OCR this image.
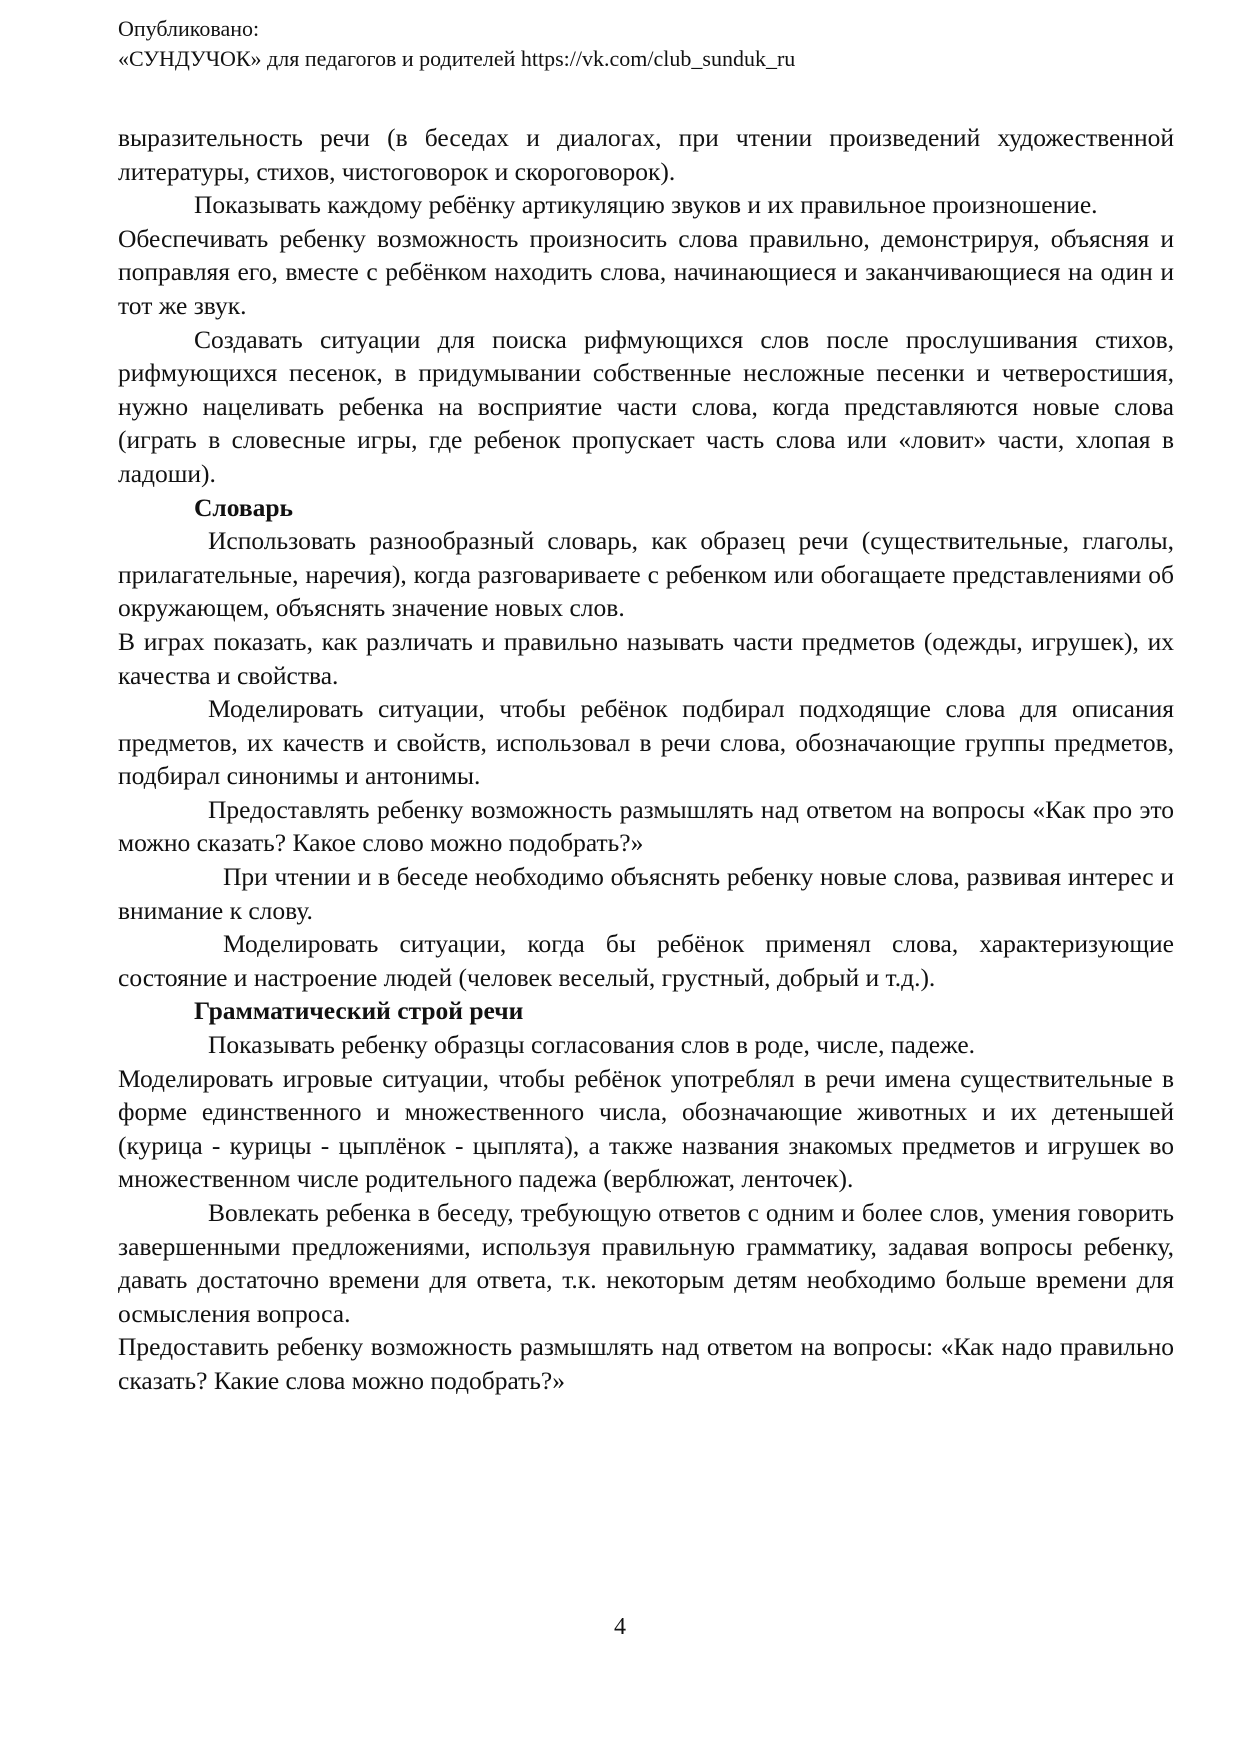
Опубликовано:

«СУНДУЧОК» для педагогов и родителей https://vk.com/club_sunduk_ru

выразительность речи (в беседах и диалогах, при чтении произведений художественной литературы, стихов, чистоговорок и скороговорок).

Показывать каждому ребёнку артикуляцию звуков и их правильное произношение.

Обеспечивать ребенку возможность произносить слова правильно, демонстрируя, объясняя и поправляя его, вместе с ребёнком находить слова, начинающиеся и заканчивающиеся на один и тот же звук.

Создавать ситуации для поиска рифмующихся слов после прослушивания стихов, рифмующихся песенок, в придумывании собственные несложные песенки и четверостишия, нужно нацеливать ребенка на восприятие части слова, когда представляются новые слова (играть в словесные игры, где ребенок пропускает часть слова или «ловит» части, хлопая в ладоши).

Словарь

Использовать разнообразный словарь, как образец речи (существительные, глаголы, прилагательные, наречия), когда разговариваете с ребенком или обогащаете представлениями об окружающем, объяснять значение новых слов.

В играх показать, как различать и правильно называть части предметов (одежды, игрушек), их качества и свойства.

Моделировать ситуации, чтобы ребёнок подбирал подходящие слова для описания предметов, их качеств и свойств, использовал в речи слова, обозначающие группы предметов, подбирал синонимы и антонимы.

Предоставлять ребенку возможность размышлять над ответом на вопросы «Как про это можно сказать? Какое слово можно подобрать?»

При чтении и в беседе необходимо объяснять ребенку новые слова, развивая интерес и внимание к слову.

Моделировать ситуации, когда бы ребёнок применял слова, характеризующие состояние и настроение людей (человек веселый, грустный, добрый и т.д.).

Грамматический строй речи

Показывать ребенку образцы согласования слов в роде, числе, падеже.

Моделировать игровые ситуации, чтобы ребёнок употреблял в речи имена существительные в форме единственного и множественного числа, обозначающие животных и их детенышей (курица - курицы - цыплёнок - цыплята), а также названия знакомых предметов и игрушек во множественном числе родительного падежа (верблюжат, ленточек).

Вовлекать ребенка в беседу, требующую ответов с одним и более слов, умения говорить завершенными предложениями, используя правильную грамматику, задавая вопросы ребенку, давать достаточно времени для ответа, т.к. некоторым детям необходимо больше времени для осмысления вопроса.

Предоставить ребенку возможность размышлять над ответом на вопросы: «Как надо правильно сказать? Какие слова можно подобрать?»

4
